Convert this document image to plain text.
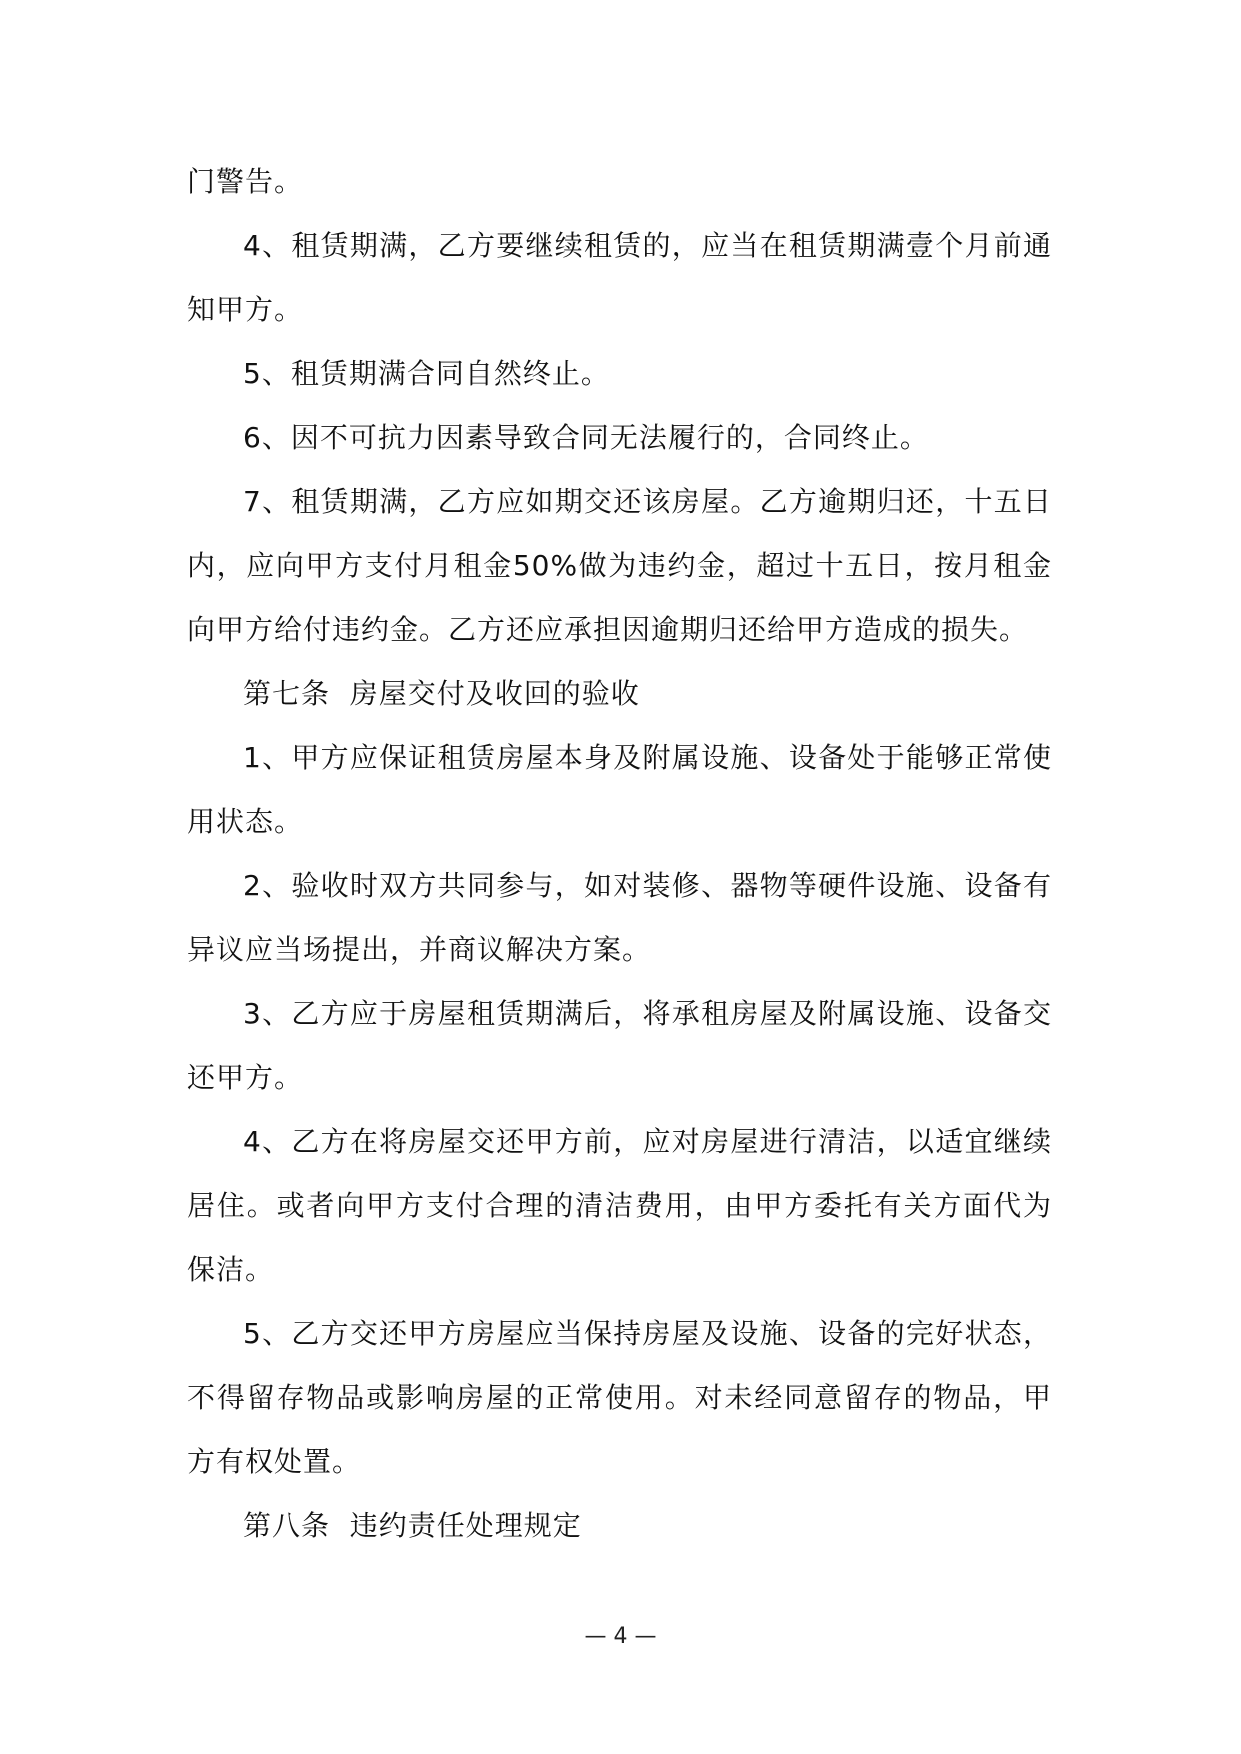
门警告。

4、租赁期满，乙方要继续租赁的，应当在租赁期满壹个月前通知甲方。

5、租赁期满合同自然终止。

6、因不可抗力因素导致合同无法履行的，合同终止。

7、租赁期满，乙方应如期交还该房屋。乙方逾期归还，十五日内，应向甲方支付月租金50%做为违约金，超过十五日，按月租金向甲方给付违约金。乙方还应承担因逾期归还给甲方造成的损失。

第七条  房屋交付及收回的验收

1、甲方应保证租赁房屋本身及附属设施、设备处于能够正常使用状态。

2、验收时双方共同参与，如对装修、器物等硬件设施、设备有异议应当场提出，并商议解决方案。

3、乙方应于房屋租赁期满后，将承租房屋及附属设施、设备交还甲方。

4、乙方在将房屋交还甲方前，应对房屋进行清洁，以适宜继续居住。或者向甲方支付合理的清洁费用，由甲方委托有关方面代为保洁。

5、乙方交还甲方房屋应当保持房屋及设施、设备的完好状态，不得留存物品或影响房屋的正常使用。对未经同意留存的物品，甲方有权处置。

第八条  违约责任处理规定

— 4 —
